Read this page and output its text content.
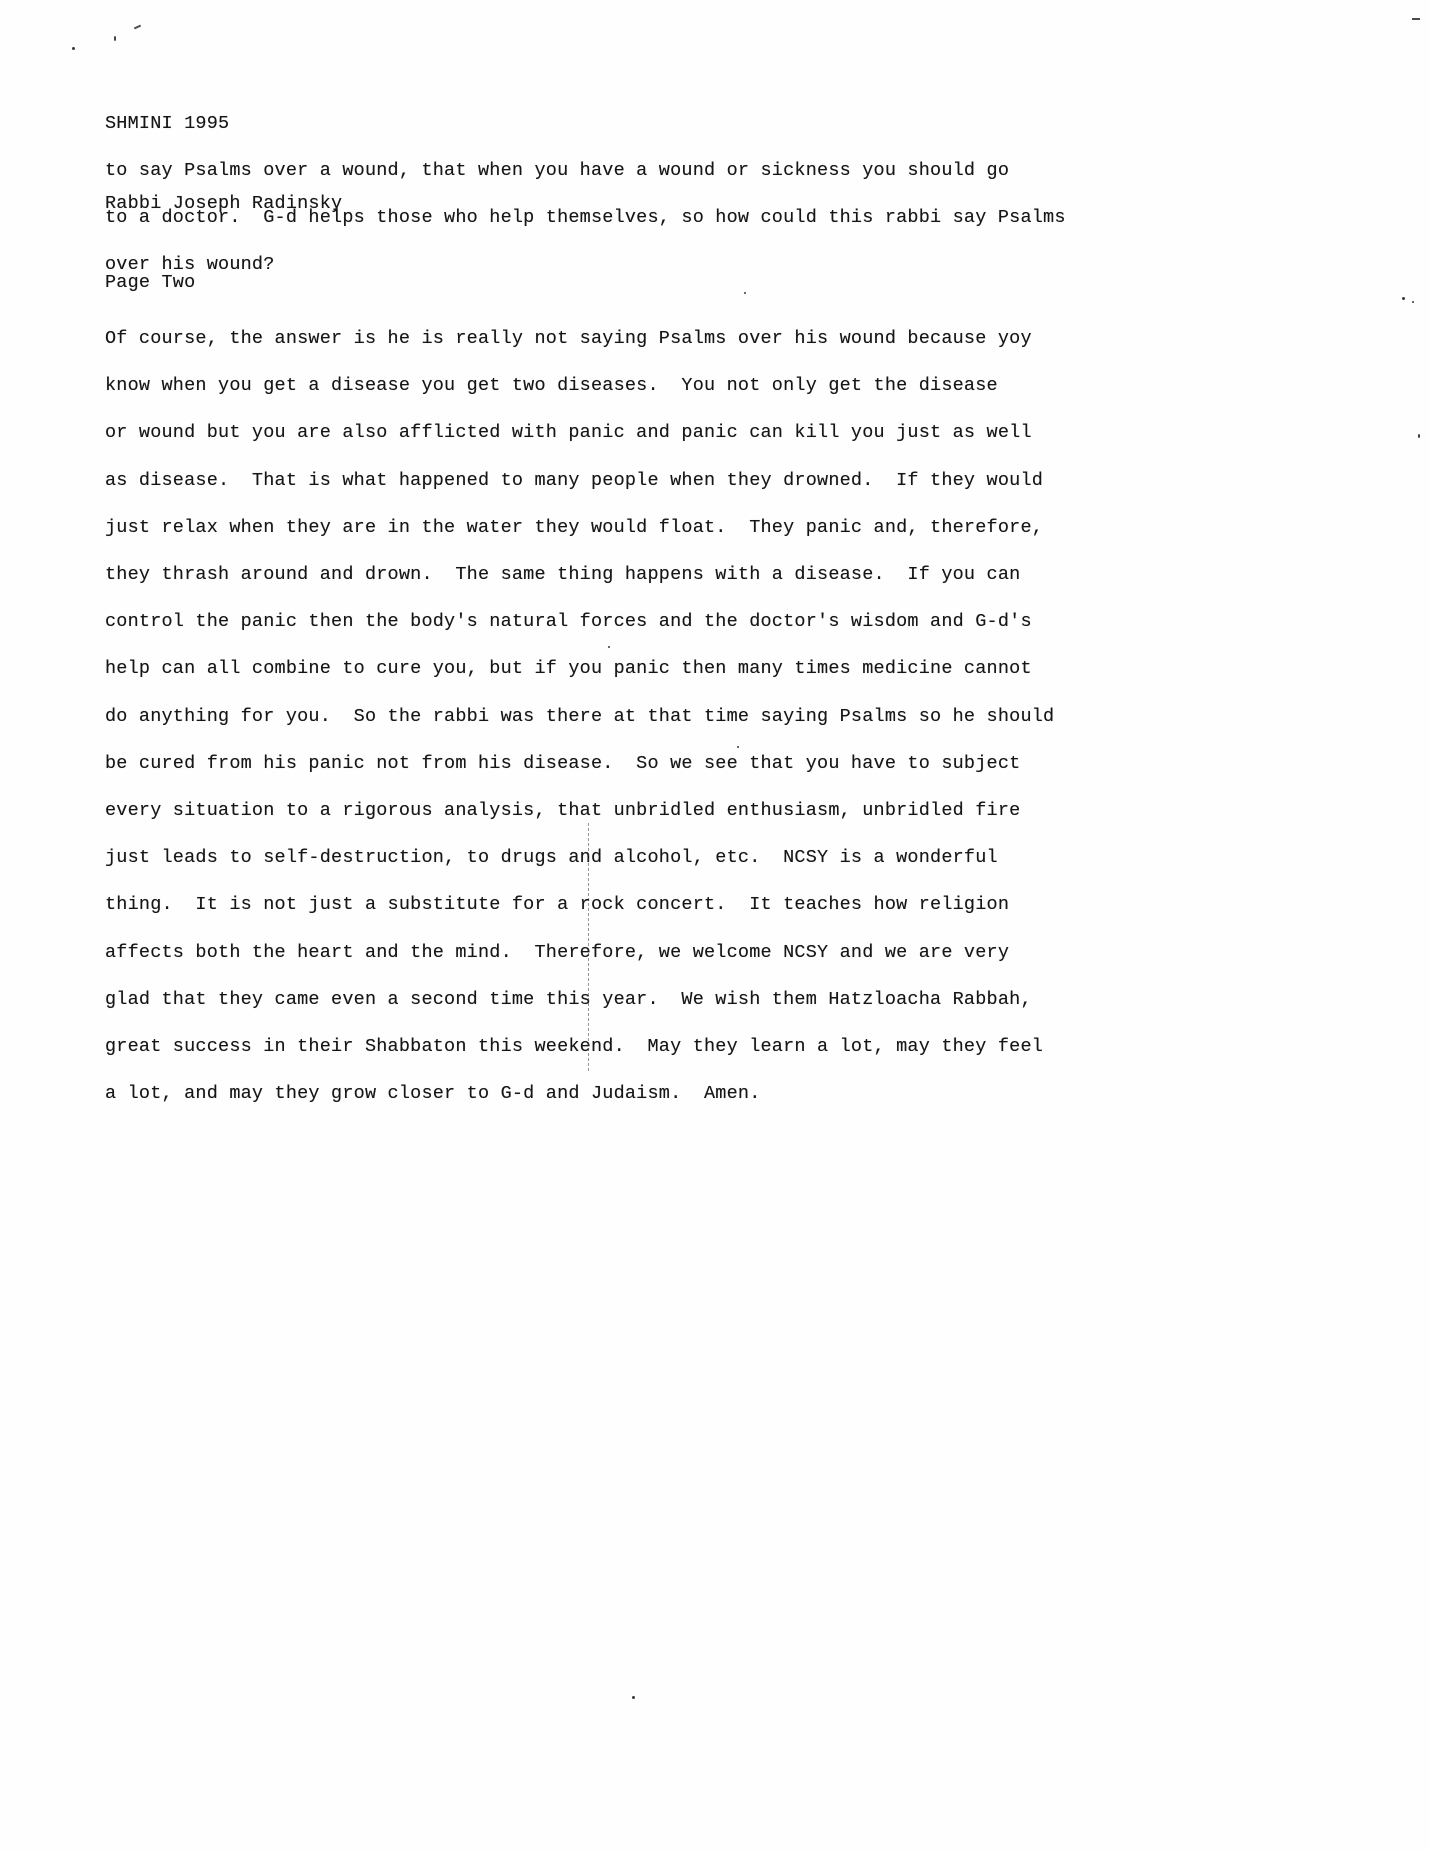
SHMINI 1995

Rabbi Joseph Radinsky

Page Two

to say Psalms over a wound, that when you have a wound or sickness you should go
to a doctor.  G-d helps those who help themselves, so how could this rabbi say Psalms
over his wound?
Of course, the answer is he is really not saying Psalms over his wound because yoy
know when you get a disease you get two diseases.  You not only get the disease
or wound but you are also afflicted with panic and panic can kill you just as well
as disease.  That is what happened to many people when they drowned.  If they would
just relax when they are in the water they would float.  They panic and, therefore,
they thrash around and drown.  The same thing happens with a disease.  If you can
control the panic then the body's natural forces and the doctor's wisdom and G-d's
help can all combine to cure you, but if you panic then many times medicine cannot
do anything for you.  So the rabbi was there at that time saying Psalms so he should
be cured from his panic not from his disease.  So we see that you have to subject
every situation to a rigorous analysis, that unbridled enthusiasm, unbridled fire
just leads to self-destruction, to drugs and alcohol, etc.  NCSY is a wonderful
thing.  It is not just a substitute for a rock concert.  It teaches how religion
affects both the heart and the mind.  Therefore, we welcome NCSY and we are very
glad that they came even a second time this year.  We wish them Hatzloacha Rabbah,
great success in their Shabbaton this weekend.  May they learn a lot, may they feel
a lot, and may they grow closer to G-d and Judaism.  Amen.
